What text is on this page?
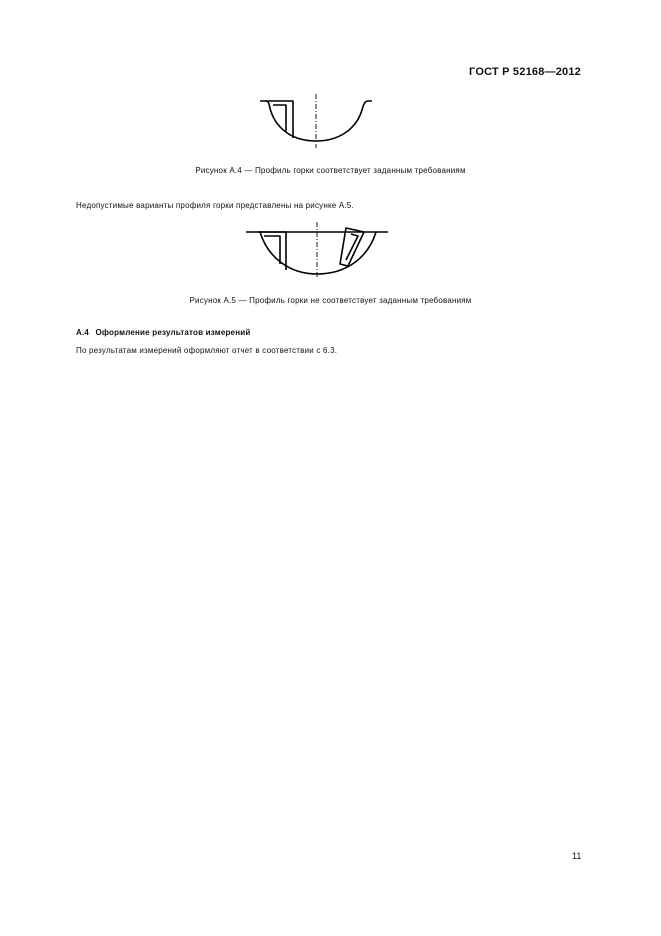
ГОСТ Р 52168—2012
Рисунок А.4 — Профиль горки соответствует заданным требованиям
Недопустимые варианты профиля горки представлены на рисунке А.5.
Рисунок А.5 — Профиль горки не соответствует заданным требованиям
А.4 Оформление результатов измерений
По результатам измерений оформляют отчет в соответствии с 6.3.
11
